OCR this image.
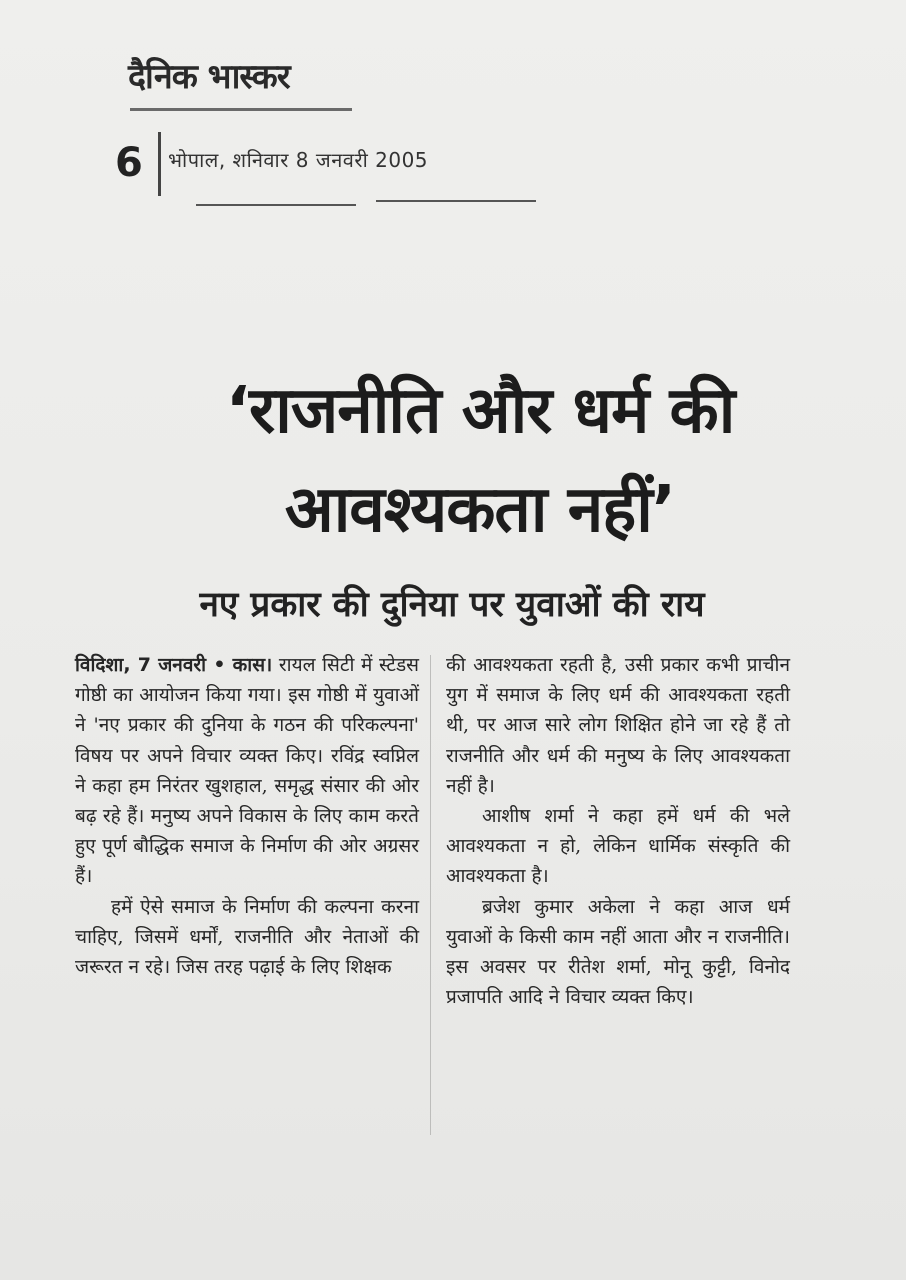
दैनिक भास्कर
6 भोपाल, शनिवार 8 जनवरी 2005
‘राजनीति और धर्म की
आवश्यकता नहीं’
नए प्रकार की दुनिया पर युवाओं की राय

विदिशा, 7 जनवरी • कास। रायल सिटी में स्टेडस गोष्ठी का आयोजन किया गया। इस गोष्ठी में युवाओं ने 'नए प्रकार की दुनिया के गठन की परिकल्पना' विषय पर अपने विचार व्यक्त किए। रविंद्र स्वप्निल ने कहा हम निरंतर खुशहाल, समृद्ध संसार की ओर बढ़ रहे हैं। मनुष्य अपने विकास के लिए काम करते हुए पूर्ण बौद्धिक समाज के निर्माण की ओर अग्रसर हैं।

हमें ऐसे समाज के निर्माण की कल्पना करना चाहिए, जिसमें धर्मों, राजनीति और नेताओं की जरूरत न रहे। जिस तरह पढ़ाई के लिए शिक्षक

की आवश्यकता रहती है, उसी प्रकार कभी प्राचीन युग में समाज के लिए धर्म की आवश्यकता रहती थी, पर आज सारे लोग शिक्षित होने जा रहे हैं तो राजनीति और धर्म की मनुष्य के लिए आवश्यकता नहीं है।

आशीष शर्मा ने कहा हमें धर्म की भले आवश्यकता न हो, लेकिन धार्मिक संस्कृति की आवश्यकता है।

ब्रजेश कुमार अकेला ने कहा आज धर्म युवाओं के किसी काम नहीं आता और न राजनीति। इस अवसर पर रीतेश शर्मा, मोनू कुट्टी, विनोद प्रजापति आदि ने विचार व्यक्त किए।
